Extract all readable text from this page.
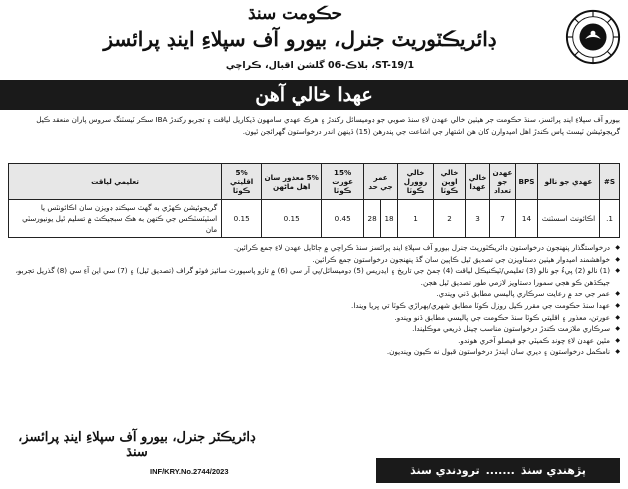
حڪومت سنڌ
ڊائريڪٽوريٽ جنرل، بيورو آف سپلاءِ اينڊ پرائسز
ST-19/1، بلاڪ-06 گلشن اقبال، ڪراچي
عهدا خالي آهن

بيورو آف سپلاءِ اينڊ پرائسز، سنڌ حڪومت جر هيٺين خالي عهدن لاءِ سنڌ صوبي جو ڊوميسائل رکندڙ ۽ هرڪ عهدي سامهون ڏيکاريل لياقت ۽ تجربو رکندڙ IBA سڪر ٽيسٽنگ سروس پاران منعقد ڪيل گريجوئيشن ٽيسٽ پاس ڪندڙ اهل اميدوارن کان هن اشتهار جي اشاعت جي پندرهن (15) ڏينهن اندر درخواستون گهرائجن ٿيون.

S#	عهدي جو نالو	BPS	عهدن جو تعداد	خالي عهدا	خالي اوپن ڪوٽا	خالي روورل ڪوٽا	عمر جي حد		15% عورت ڪوٽا	5% معذور سان اهل ماڻهن	5% اقليتي ڪوٽا	تعليمي لياقت
1.	اڪائونٽ اسسٽنٽ	14	7	3	2	1	18	28	0.45	0.15	0.15	گريجوئيشن ڪهڙي به گهٽ سيڪنڊ ڊويزن سان اڪائونٽس يا اسٽيٽسٽڪس جي ڪنهن به هڪ سبجيڪٽ ۾ تسليم ٿيل يونيورسٽي مان
◆ درخواستگذار پنهنجون درخواستون ڊائريڪٽوريٽ جنرل بيورو آف سپلاءِ اينڊ پرائسز سنڌ ڪراچي ۾ ڄاڻايل عهدن لاءِ جمع ڪرائين.
◆ خواهشمند اميدوار هيٺين دستاويزن جي تصديق ٿيل ڪاپين سان گڏ پنهنجون درخواستون جمع ڪرائين.
◆ (1) نالو (2) پيءُ جو نالو (3) تعليمي/ٽيڪنيڪل لياقت (4) ڄمڻ جي تاريخ ۽ ايڊريس (5) ڊوميسائل/پي آر سي (6) ۾ تازو پاسپورٽ سائيز فوٽو گراف (تصديق ٿيل) ۽ (7) سي اين آءِ سي (8) گذريل تجربو، جيڪڏهن ڪو هجي سمورا دستاويز لازمي طور تصديق ٿيل هجن.
◆ عمر جي حد ۾ رعايت سرڪاري پاليسي مطابق ڏني ويندي.
◆ عهدا سنڌ حڪومت جي مقرر ڪيل روزل ڪوٽا مطابق شهري/ٻهراڙي ڪوٽا تي ڀريا ويندا.
◆ عورتن، معذور ۽ اقليتي ڪوٽا سنڌ حڪومت جي پاليسي مطابق ڏنو ويندو.
◆ سرڪاري ملازمت ڪندڙ درخواستون مناسب چينل ذريعي موڪليندا.
◆ مٿين عهدن لاءِ چونڊ ڪميٽي جو فيصلو آخري هوندو.
◆ نامڪمل درخواستون ۽ ديري سان ايندڙ درخواستون قبول نه ڪيون وينديون.
ڊائريڪٽر جنرل، بيورو آف سپلاءِ اينڊ پرائسز، سنڌ
INF/KRY.No.2744/2023	پڙهندي سنڌ
.......
ترودندي سنڌ
